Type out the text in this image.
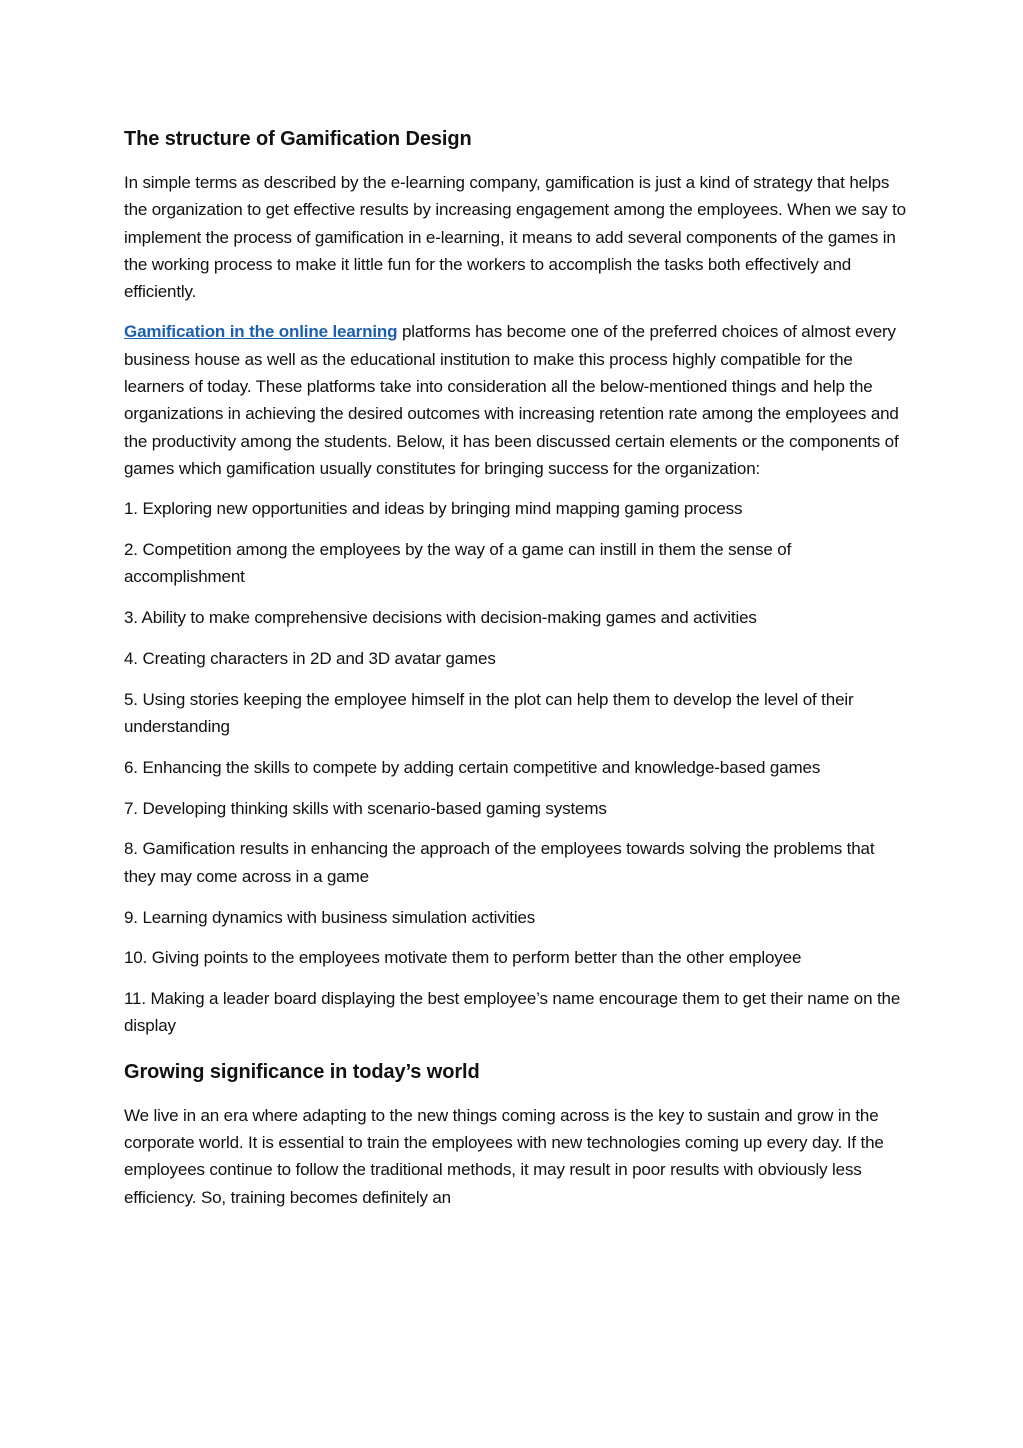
The structure of Gamification Design

In simple terms as described by the e-learning company, gamification is just a kind of strategy that helps the organization to get effective results by increasing engagement among the employees. When we say to implement the process of gamification in e-learning, it means to add several components of the games in the working process to make it little fun for the workers to accomplish the tasks both effectively and efficiently.

Gamification in the online learning platforms has become one of the preferred choices of almost every business house as well as the educational institution to make this process highly compatible for the learners of today. These platforms take into consideration all the below-mentioned things and help the organizations in achieving the desired outcomes with increasing retention rate among the employees and the productivity among the students. Below, it has been discussed certain elements or the components of games which gamification usually constitutes for bringing success for the organization:

1. Exploring new opportunities and ideas by bringing mind mapping gaming process

2. Competition among the employees by the way of a game can instill in them the sense of accomplishment

3. Ability to make comprehensive decisions with decision-making games and activities

4. Creating characters in 2D and 3D avatar games

5. Using stories keeping the employee himself in the plot can help them to develop the level of their understanding

6. Enhancing the skills to compete by adding certain competitive and knowledge-based games

7. Developing thinking skills with scenario-based gaming systems

8. Gamification results in enhancing the approach of the employees towards solving the problems that they may come across in a game

9. Learning dynamics with business simulation activities

10. Giving points to the employees motivate them to perform better than the other employee

11. Making a leader board displaying the best employee’s name encourage them to get their name on the display

Growing significance in today’s world

We live in an era where adapting to the new things coming across is the key to sustain and grow in the corporate world. It is essential to train the employees with new technologies coming up every day. If the employees continue to follow the traditional methods, it may result in poor results with obviously less efficiency. So, training becomes definitely an
